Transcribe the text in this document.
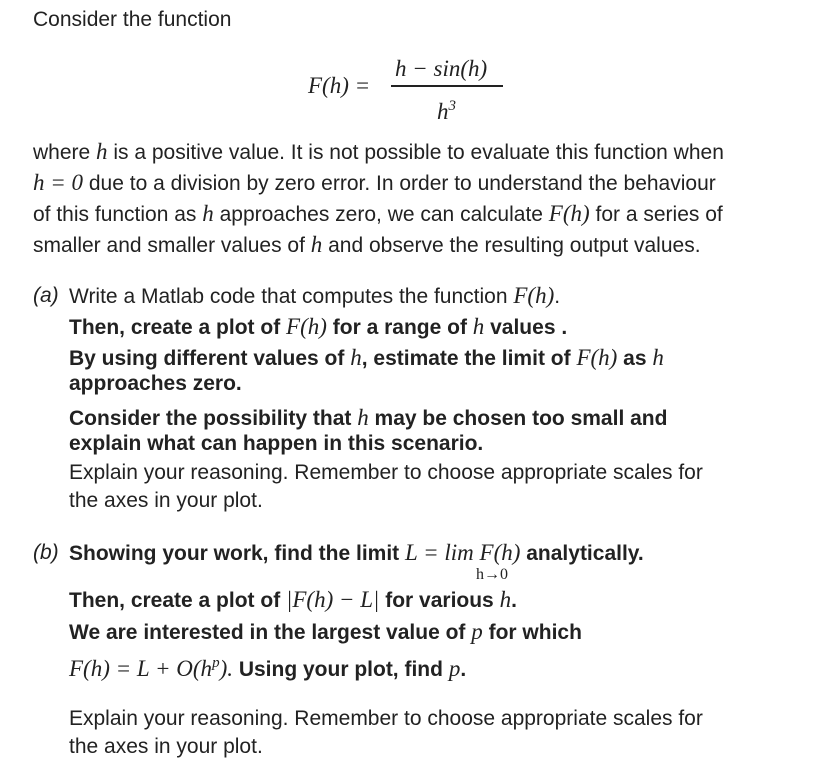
Consider the function
F(h) =
h − sin(h)
$h^3$
where h is a positive value. It is not possible to evaluate this function when
h = 0 due to a division by zero error. In order to understand the behaviour
of this function as h approaches zero, we can calculate F(h) for a series of
smaller and smaller values of h and observe the resulting output values.
(a) Write a Matlab code that computes the function F(h).
Then, create a plot of F(h) for a range of h values .
By using different values of h, estimate the limit of F(h) as h
approaches zero.
Consider the possibility that h may be chosen too small and
explain what can happen in this scenario.
Explain your reasoning. Remember to choose appropriate scales for
the axes in your plot.
(b) Showing your work, find the limit L = lim F(h) analytically.
h→0
Then, create a plot of |F(h) − L| for various h.
We are interested in the largest value of p for which
$F(h) = L + O(h^p)$. Using your plot, find p.
Explain your reasoning. Remember to choose appropriate scales for
the axes in your plot.
